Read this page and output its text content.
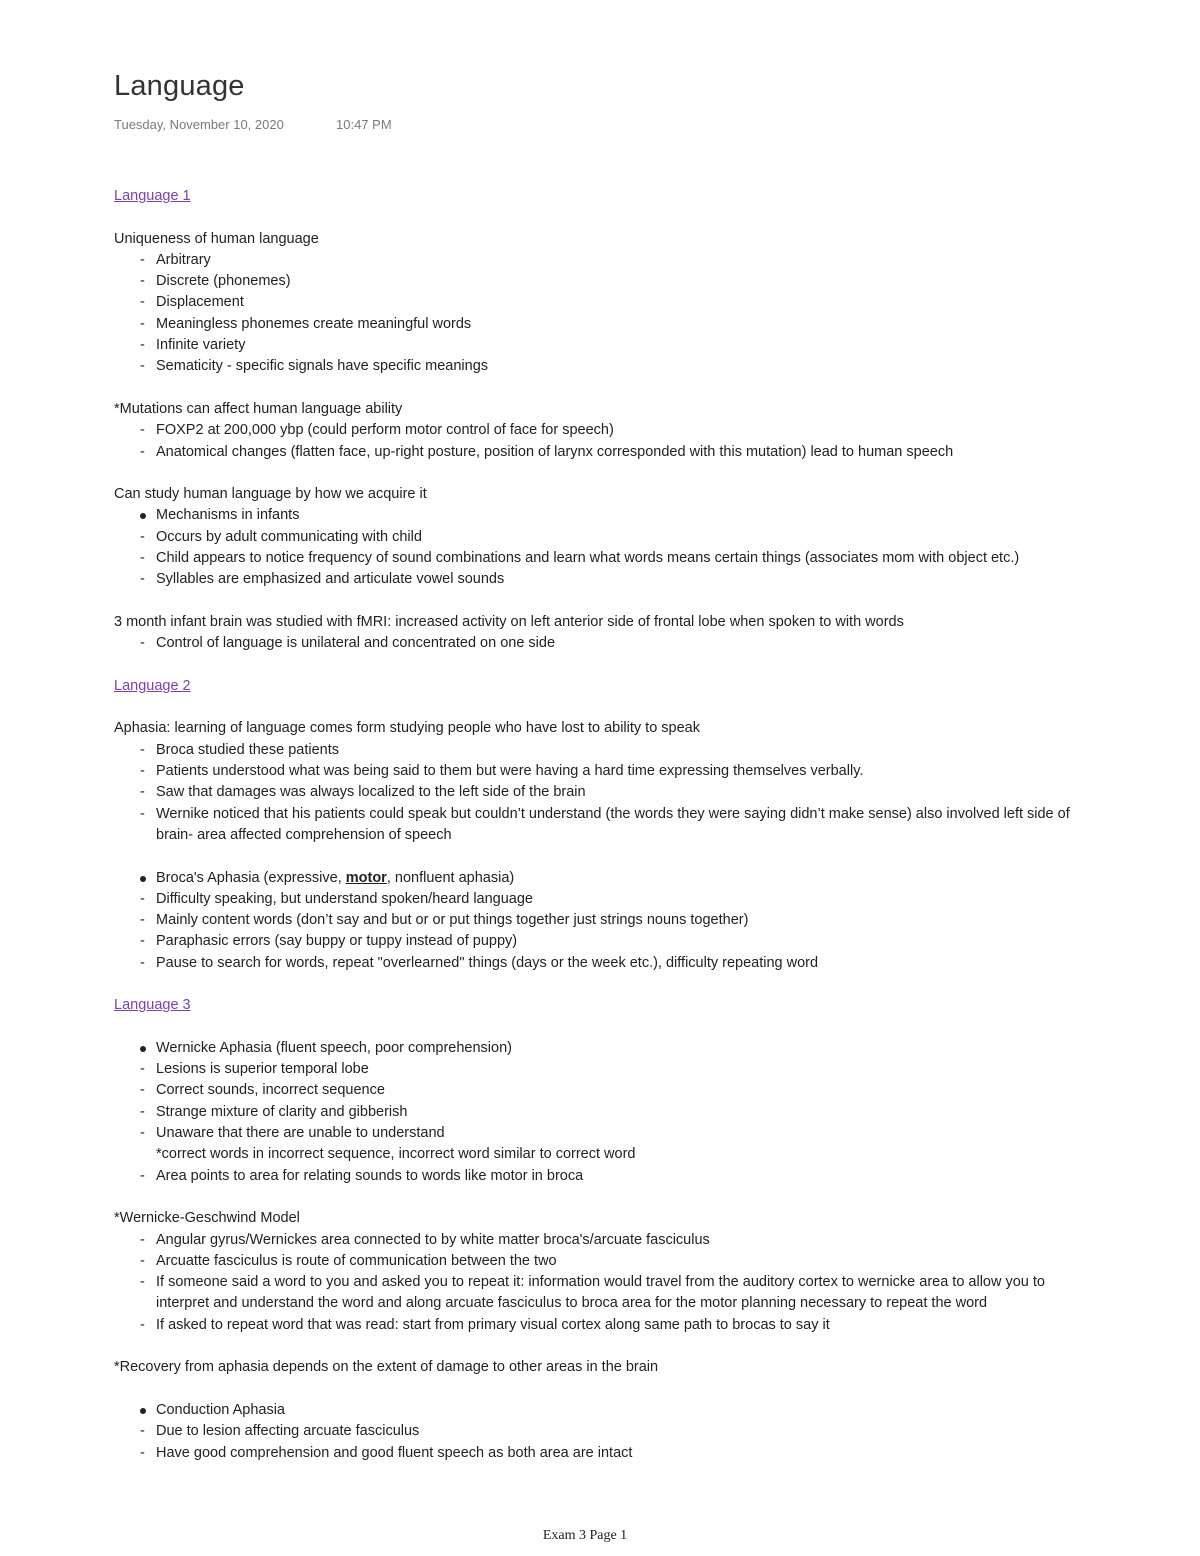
Language
Tuesday, November 10, 2020	10:47 PM
Language 1
Uniqueness of human language
- Arbitrary
- Discrete (phonemes)
- Displacement
- Meaningless phonemes create meaningful words
- Infinite variety
- Sematicity - specific signals have specific meanings
*Mutations can affect human language ability
- FOXP2 at 200,000 ybp (could perform motor control of face for speech)
- Anatomical changes (flatten face, up-right posture, position of larynx corresponded with this mutation) lead to human speech
Can study human language by how we acquire it
Mechanisms in infants
- Occurs by adult communicating with child
- Child appears to notice frequency of sound combinations and learn what words means certain things (associates mom with object etc.)
- Syllables are emphasized and articulate vowel sounds
3 month infant brain was studied with fMRI: increased activity on left anterior side of frontal lobe when spoken to with words
- Control of language is unilateral and concentrated on one side
Language 2
Aphasia: learning of language comes form studying people who have lost to ability to speak
- Broca studied these patients
- Patients understood what was being said to them but were having a hard time expressing themselves verbally.
- Saw that damages was always localized to the left side of the brain
- Wernike noticed that his patients could speak but couldn’t understand (the words they were saying didn’t make sense) also involved left side of
brain- area affected comprehension of speech
Broca's Aphasia (expressive, motor, nonfluent aphasia)
- Difficulty speaking, but understand spoken/heard language
- Mainly content words (don’t say and but or or put things together just strings nouns together)
- Paraphasic errors (say buppy or tuppy instead of puppy)
- Pause to search for words, repeat "overlearned" things (days or the week etc.), difficulty repeating word
Language 3
Wernicke Aphasia (fluent speech, poor comprehension)
- Lesions is superior temporal lobe
- Correct sounds, incorrect sequence
- Strange mixture of clarity and gibberish
- Unaware that there are unable to understand
*correct words in incorrect sequence, incorrect word similar to correct word
- Area points to area for relating sounds to words like motor in broca
*Wernicke-Geschwind Model
- Angular gyrus/Wernickes area connected to by white matter broca's/arcuate fasciculus
- Arcuatte fasciculus is route of communication between the two
- If someone said a word to you and asked you to repeat it: information would travel from the auditory cortex to wernicke area to allow you to
interpret and understand the word and along arcuate fasciculus to broca area for the motor planning necessary to repeat the word
- If asked to repeat word that was read: start from primary visual cortex along same path to brocas to say it
*Recovery from aphasia depends on the extent of damage to other areas in the brain
Conduction Aphasia
- Due to lesion affecting arcuate fasciculus
- Have good comprehension and good fluent speech as both area are intact
Exam 3 Page 1
